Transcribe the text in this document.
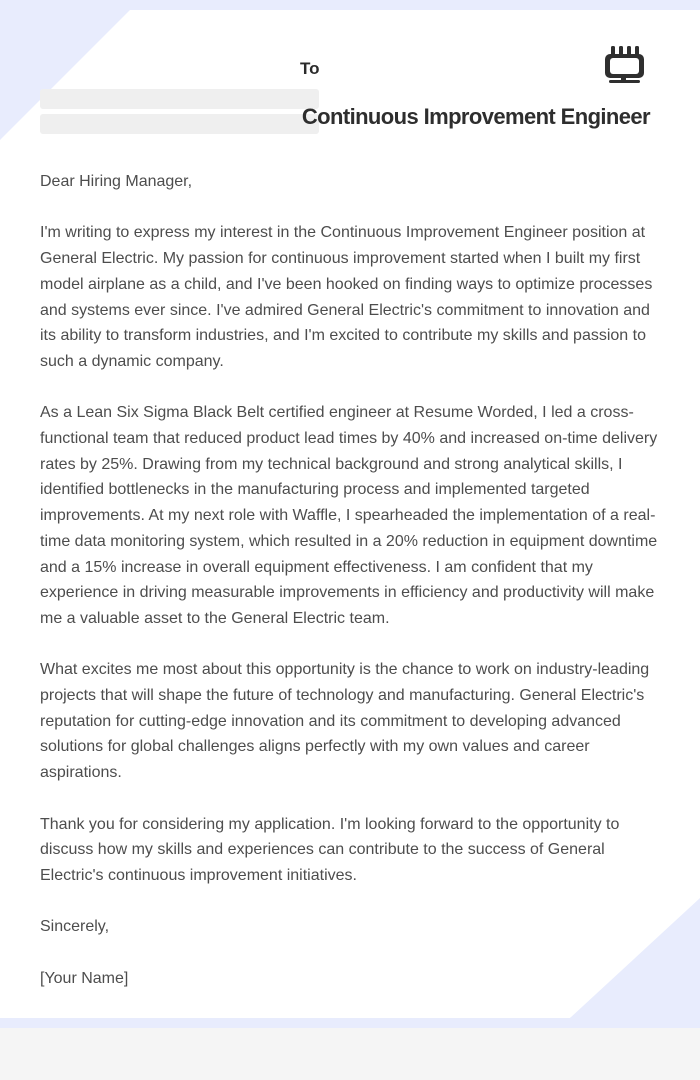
To
Continuous Improvement Engineer

Dear Hiring Manager,

I'm writing to express my interest in the Continuous Improvement Engineer position at General Electric. My passion for continuous improvement started when I built my first model airplane as a child, and I've been hooked on finding ways to optimize processes and systems ever since. I've admired General Electric's commitment to innovation and its ability to transform industries, and I'm excited to contribute my skills and passion to such a dynamic company.

As a Lean Six Sigma Black Belt certified engineer at Resume Worded, I led a cross-functional team that reduced product lead times by 40% and increased on-time delivery rates by 25%. Drawing from my technical background and strong analytical skills, I identified bottlenecks in the manufacturing process and implemented targeted improvements. At my next role with Waffle, I spearheaded the implementation of a real-time data monitoring system, which resulted in a 20% reduction in equipment downtime and a 15% increase in overall equipment effectiveness. I am confident that my experience in driving measurable improvements in efficiency and productivity will make me a valuable asset to the General Electric team.

What excites me most about this opportunity is the chance to work on industry-leading projects that will shape the future of technology and manufacturing. General Electric's reputation for cutting-edge innovation and its commitment to developing advanced solutions for global challenges aligns perfectly with my own values and career aspirations.

Thank you for considering my application. I'm looking forward to the opportunity to discuss how my skills and experiences can contribute to the success of General Electric's continuous improvement initiatives.

Sincerely,

[Your Name]
